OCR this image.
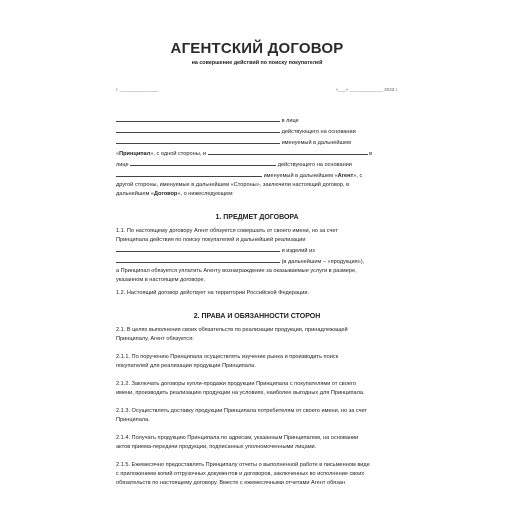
АГЕНТСКИЙ ДОГОВОР
на совершение действий по поиску покупателей
г. _______________	«___» _____________ 2023 г.

в лице

действующего на основании

именуемый в дальнейшем

«Принципал», с одной стороны, и	в

лице	действующего на основании

именуемый в дальнейшем «Агент», с

другой стороны, именуемые в дальнейшем «Стороны», заключили настоящий договор, в

дальнейшем «Договор», о нижеследующем:

1. ПРЕДМЕТ ДОГОВОРА

1.1. По настоящему договору Агент обязуется совершать от своего имени, но за счет

Принципала действия по поиску покупателей и дальнейшей реализации

и изделий из

(в дальнейшем – «продукция»),

а Принципал обязуется уплатить Агенту вознаграждение за оказываемые услуги в размере,

указанном в настоящем договоре.

1.2. Настоящий договор действует на территории Российской Федерации.

2. ПРАВА И ОБЯЗАННОСТИ СТОРОН

2.1. В целях выполнения своих обязательств по реализации продукции, принадлежащей

Принципалу, Агент обязуется:

2.1.1. По поручению Принципала осуществлять изучение рынка и производить поиск

покупателей для реализации продукции Принципала.

2.1.2. Заключать договоры купли-продажи продукции Принципала с покупателями от своего

имени, производить реализацию продукции на условиях, наиболее выгодных для Принципала.

2.1.3. Осуществлять доставку продукции Принципала потребителям от своего имени, но за счет

Принципала.

2.1.4. Получать продукцию Принципала по адресам, указанным Принципалом, на основании

актов приема-передачи продукции, подписанных уполномоченными лицами.

2.1.5. Ежемесячно предоставлять Принципалу отчеты о выполненной работе в письменном виде

с приложением копий отгрузочных документов и договоров, заключенных во исполнение своих

обязательств по настоящему договору. Вместе с ежемесячными отчетами Агент обязан
